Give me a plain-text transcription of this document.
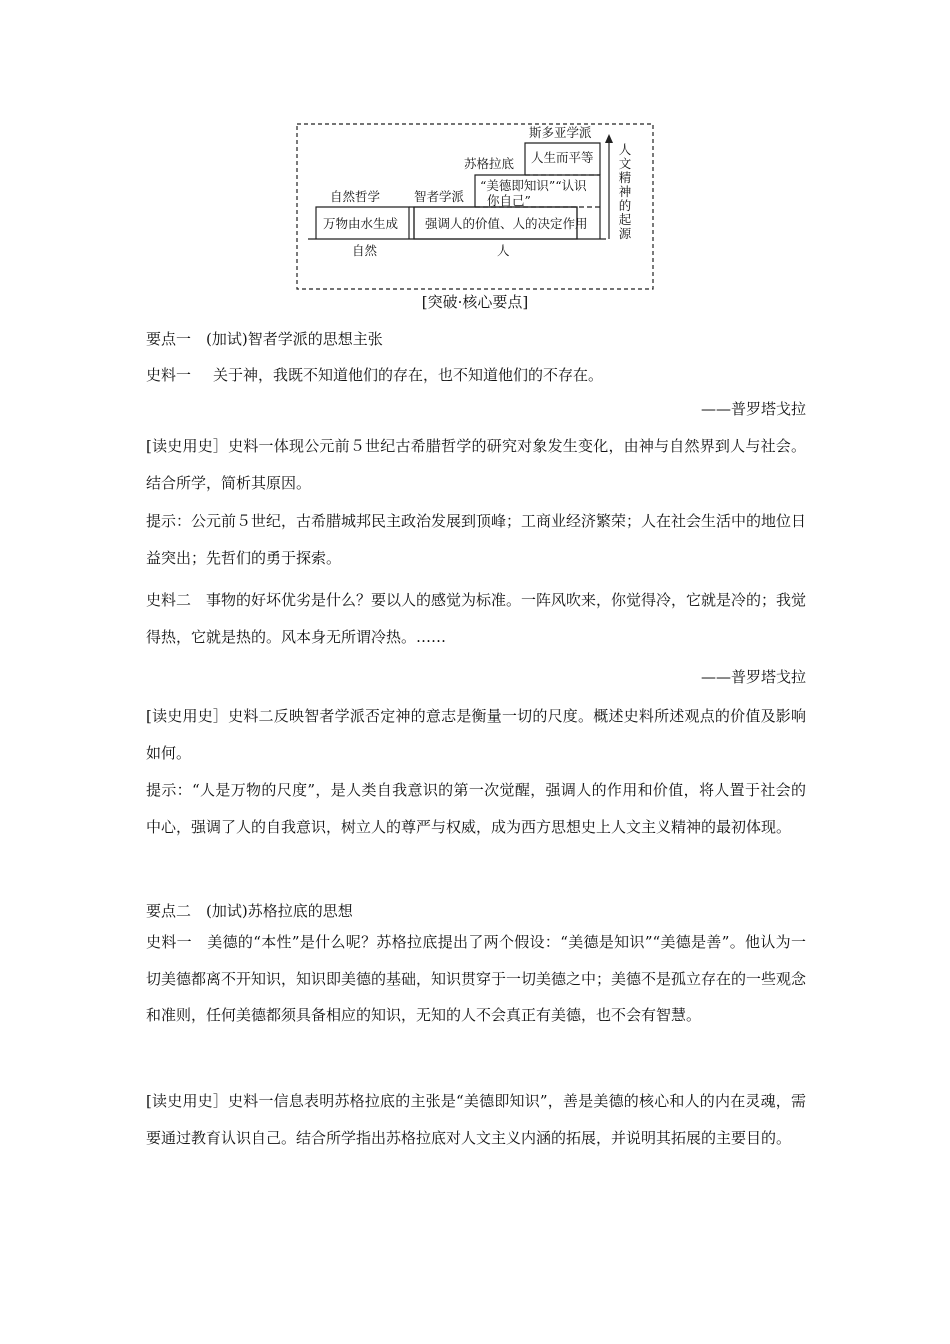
自然哲学	智者学派
苏格拉底
斯多亚学派
万物由水生成 强调人的价值、人的决定作用
“美德即知识”“认识
你自己”
人生而平等
自然	人
人文精神的起源
[突破·核心要点]
要点一　(加试)智者学派的思想主张
史料一 关于神，我既不知道他们的存在，也不知道他们的不存在。
——普罗塔戈拉
[读史用史］史料一体现公元前５世纪古希腊哲学的研究对象发生变化，由神与自然界到人与社会。结合所学，简析其原因。
提示：公元前５世纪，古希腊城邦民主政治发展到顶峰；工商业经济繁荣；人在社会生活中的地位日益突出；先哲们的勇于探索。
史料二　事物的好坏优劣是什么？要以人的感觉为标准。一阵风吹来，你觉得冷，它就是冷的；我觉得热，它就是热的。风本身无所谓冷热。……
——普罗塔戈拉
[读史用史］史料二反映智者学派否定神的意志是衡量一切的尺度。概述史料所述观点的价值及影响如何。
提示：“人是万物的尺度”，是人类自我意识的第一次觉醒，强调人的作用和价值，将人置于社会的中心，强调了人的自我意识，树立人的尊严与权威，成为西方思想史上人文主义精神的最初体现。
要点二　(加试)苏格拉底的思想
史料一　美德的“本性”是什么呢？苏格拉底提出了两个假设：“美德是知识”“美德是善”。他认为一切美德都离不开知识，知识即美德的基础，知识贯穿于一切美德之中；美德不是孤立存在的一些观念和准则，任何美德都须具备相应的知识，无知的人不会真正有美德，也不会有智慧。
[读史用史］史料一信息表明苏格拉底的主张是“美德即知识”，善是美德的核心和人的内在灵魂，需要通过教育认识自己。结合所学指出苏格拉底对人文主义内涵的拓展，并说明其拓展的主要目的。
